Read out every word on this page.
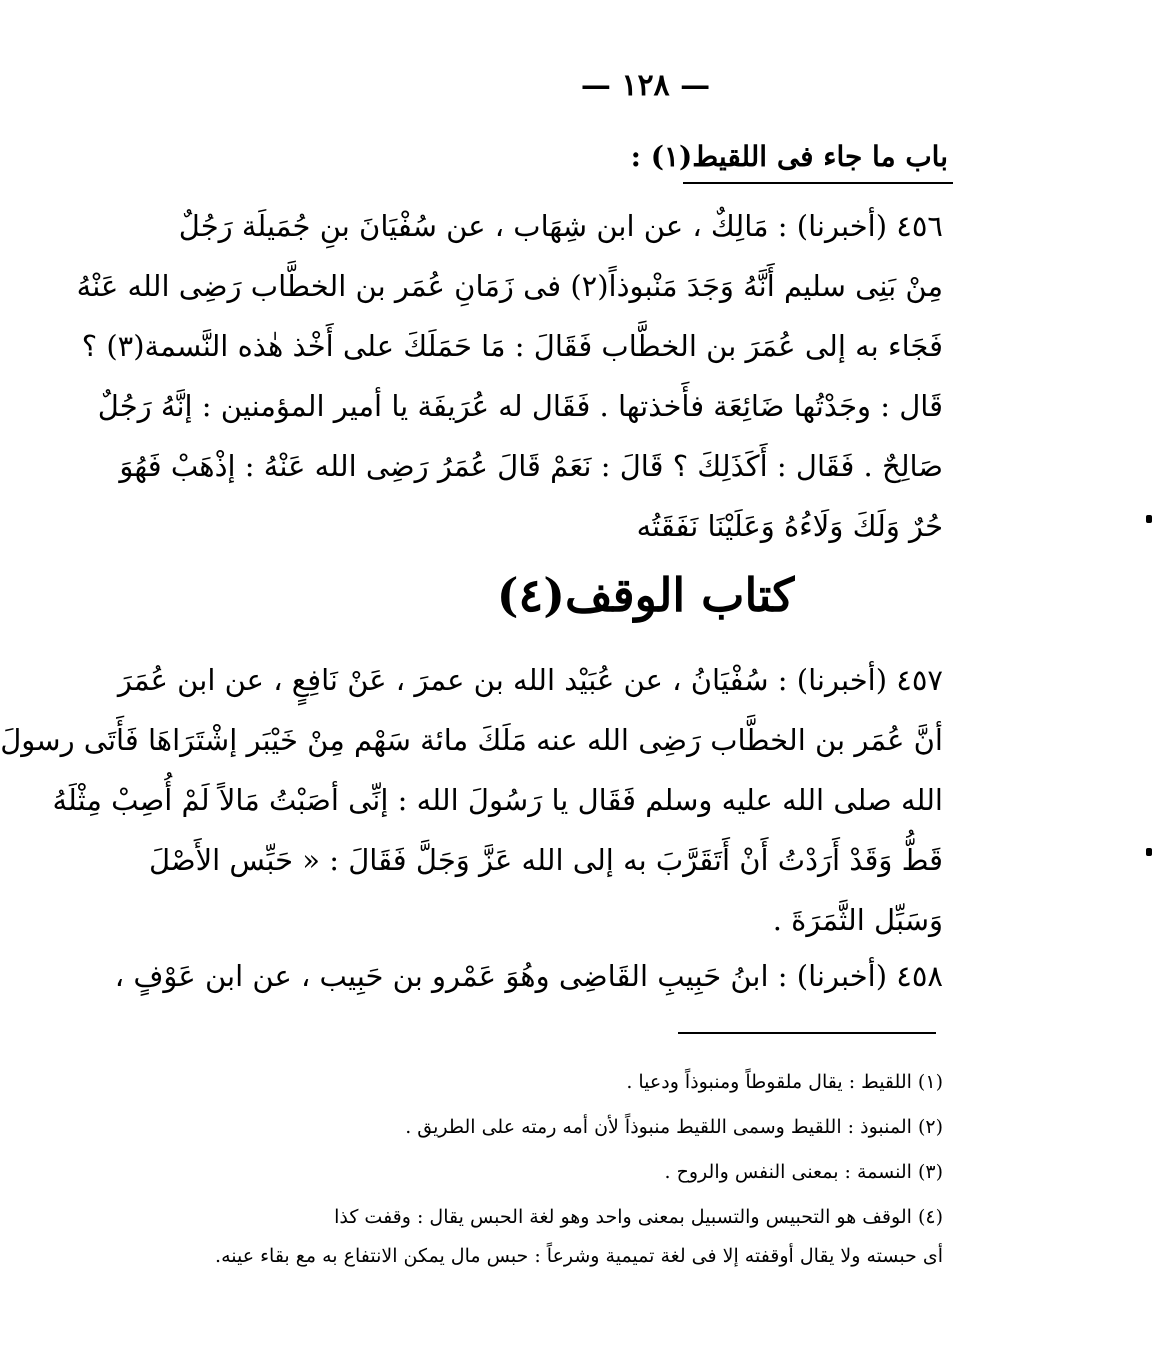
— ١٢٨ —
باب ما جاء فى اللقيط(١) :
٤٥٦ (أخبرنا) : مَالِكٌ ، عن ابن شِهَاب ، عن سُفْيَانَ بنِ جُمَيلَة رَجُلٌ
مِنْ بَنِى سليم أَنَّهُ وَجَدَ مَنْبوذاً(٢) فى زَمَانِ عُمَر بن الخطَّاب رَضِى الله عَنْهُ
فَجَاء به إلى عُمَرَ بن الخطَّاب فَقَالَ : مَا حَمَلَكَ على أَخْذ هٰذه النَّسمة(٣) ؟
قَال : وجَدْتُها ضَائِعَة فأَخذتها . فَقَال له عُرَيفَة يا أمير المؤمنين : إنَّهُ رَجُلٌ
صَالِحٌ . فَقَال : أَكَذَلِكَ ؟ قَالَ : نَعَمْ قَالَ عُمَرُ رَضِى الله عَنْهُ : إذْهَبْ فَهُوَ
حُرٌ وَلَكَ وَلَاءُهُ وَعَلَيْنَا نَفَقَتُه
كتاب الوقف(٤)
٤٥٧ (أخبرنا) : سُفْيَانُ ، عن عُبَيْد الله بن عمرَ ، عَنْ نَافِعٍ ، عن ابن عُمَرَ
أنَّ عُمَر بن الخطَّاب رَضِى الله عنه مَلَكَ مائة سَهْم مِنْ خَيْبَر إشْتَرَاهَا فَأَتَى رسولَ
الله صلى الله عليه وسلم فَقَال يا رَسُولَ الله : إنِّى أصَبْتُ مَالاً لَمْ أُصِبْ مِثْلَهُ
قَطُّ وَقَدْ أَرَدْتُ أَنْ أَتَقَرَّبَ به إلى الله عَزَّ وَجَلَّ فَقَالَ : « حَبِّس الأَصْلَ
وَسَبِّل الثَّمَرَةَ .
٤٥٨ (أخبرنا) : ابنُ حَبِيبِ القَاضِى وهُوَ عَمْرو بن حَبِيب ، عن ابن عَوْفٍ ،
(١) اللقيط : يقال ملقوطاً ومنبوذاً ودعيا .
(٢) المنبوذ : اللقيط وسمى اللقيط منبوذاً لأن أمه رمته على الطريق .
(٣) النسمة : بمعنى النفس والروح .
(٤) الوقف هو التحبيس والتسبيل بمعنى واحد وهو لغة الحبس يقال : وقفت كذا
أى حبسته ولا يقال أوقفته إلا فى لغة تميمية وشرعاً : حبس مال يمكن الانتفاع به مع بقاء عينه.
